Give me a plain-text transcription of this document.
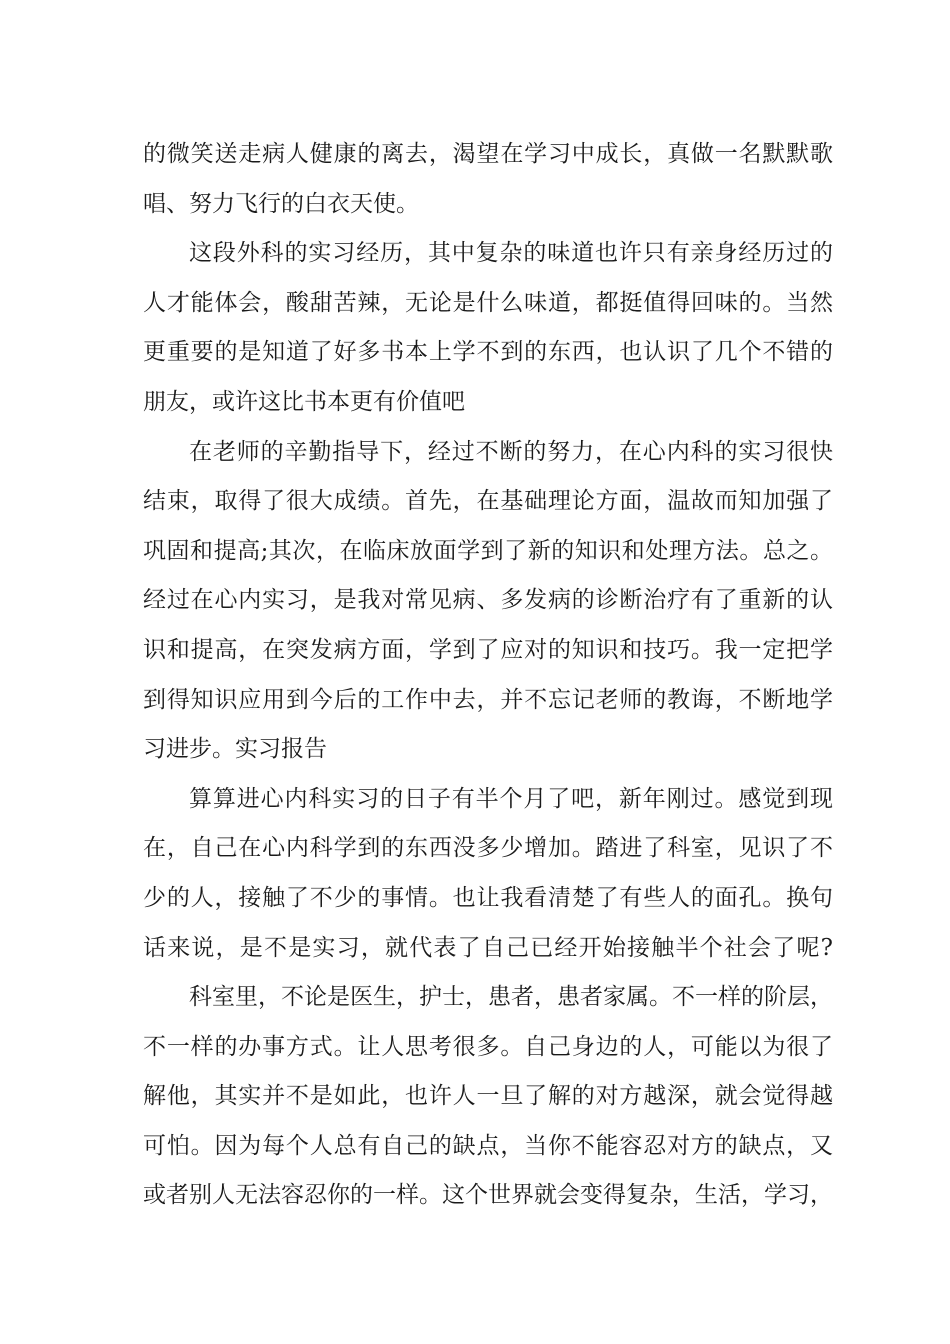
的微笑送走病人健康的离去，渴望在学习中成长，真做一名默默歌
唱、努力飞行的白衣天使。
这段外科的实习经历，其中复杂的味道也许只有亲身经历过的
人才能体会，酸甜苦辣，无论是什么味道，都挺值得回味的。当然
更重要的是知道了好多书本上学不到的东西，也认识了几个不错的
朋友，或许这比书本更有价值吧
在老师的辛勤指导下，经过不断的努力，在心内科的实习很快
结束，取得了很大成绩。首先，在基础理论方面，温故而知加强了
巩固和提高;其次，在临床放面学到了新的知识和处理方法。总之。
经过在心内实习，是我对常见病、多发病的诊断治疗有了重新的认
识和提高，在突发病方面，学到了应对的知识和技巧。我一定把学
到得知识应用到今后的工作中去，并不忘记老师的教诲，不断地学
习进步。实习报告
算算进心内科实习的日子有半个月了吧，新年刚过。感觉到现
在，自己在心内科学到的东西没多少增加。踏进了科室，见识了不
少的人，接触了不少的事情。也让我看清楚了有些人的面孔。换句
话来说，是不是实习，就代表了自己已经开始接触半个社会了呢?
科室里，不论是医生，护士，患者，患者家属。不一样的阶层，
不一样的办事方式。让人思考很多。自己身边的人，可能以为很了
解他，其实并不是如此，也许人一旦了解的对方越深，就会觉得越
可怕。因为每个人总有自己的缺点，当你不能容忍对方的缺点，又
或者别人无法容忍你的一样。这个世界就会变得复杂，生活，学习，
